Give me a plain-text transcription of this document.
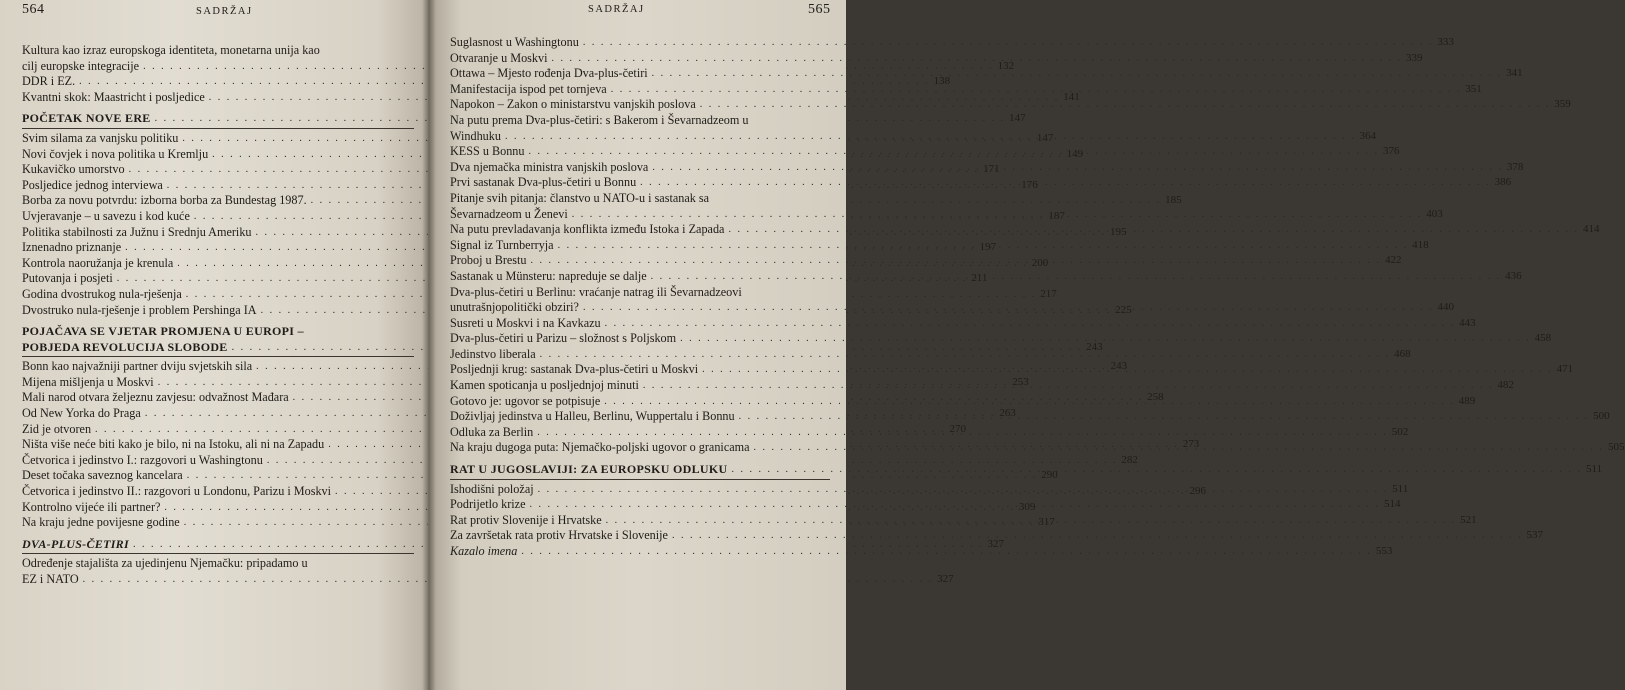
564	SADRŽAJ
Kultura kao izraz europskoga identiteta, monetarna unija kao
cilj europske integracije . . .	132
DDR i EZ. . . .	138
Kvantni skok: Maastricht i posljedice . . .	141
POČETAK NOVE ERE . . .	147
Svim silama za vanjsku politiku . . .	147
Novi čovjek i nova politika u Kremlju . . .	149
Kukavičko umorstvo . . .	171
Posljedice jednog interviewa . . .	176
Borba za novu potvrdu: izborna borba za Bundestag 1987. . . .	185
Uvjeravanje – u savezu i kod kuće . . .	187
Politika stabilnosti za Južnu i Srednju Ameriku . . .	195
Iznenadno priznanje . . .	197
Kontrola naoružanja je krenula . . .	200
Putovanja i posjeti . . .	211
Godina dvostrukog nula-rješenja . . .	217
Dvostruko nula-rješenje i problem Pershinga IA . . .	225
POJAČAVA SE VJETAR PROMJENA U EUROPI –
POBJEDA REVOLUCIJA SLOBODE . . .	243
Bonn kao najvažniji partner dviju svjetskih sila . . .	243
Mijena mišljenja u Moskvi . . .	253
Mali narod otvara željeznu zavjesu: odvažnost Mađara . . .	258
Od New Yorka do Praga . . .	263
Zid je otvoren . . .	270
Ništa više neće biti kako je bilo, ni na Istoku, ali ni na Zapadu . . .	273
Četvorica i jedinstvo I.: razgovori u Washingtonu . . .	282
Deset točaka saveznog kancelara . . .	290
Četvorica i jedinstvo II.: razgovori u Londonu, Parizu i Moskvi . . .	296
Kontrolno vijeće ili partner? . . .	309
Na kraju jedne povijesne godine . . .	317
DVA-PLUS-ČETIRI . . .	327
Određenje stajališta za ujedinjenu Njemačku: pripadamo u
EZ i NATO . . .	327
SADRŽAJ	565
Suglasnost u Washingtonu . . .	333
Otvaranje u Moskvi . . .	339
Ottawa – Mjesto rođenja Dva-plus-četiri . . .	341
Manifestacija ispod pet tornjeva . . .	351
Napokon – Zakon o ministarstvu vanjskih poslova . . .	359
Na putu prema Dva-plus-četiri: s Bakerom i Ševarnadzeom u
Windhuku . . .	364
KESS u Bonnu . . .	376
Dva njemačka ministra vanjskih poslova . . .	378
Prvi sastanak Dva-plus-četiri u Bonnu . . .	386
Pitanje svih pitanja: članstvo u NATO-u i sastanak sa
Ševarnadzeom u Ženevi . . .	403
Na putu prevladavanja konflikta između Istoka i Zapada . . .	414
Signal iz Turnberryja . . .	418
Proboj u Brestu . . .	422
Sastanak u Münsteru: napreduje se dalje . . .	436
Dva-plus-četiri u Berlinu: vraćanje natrag ili Ševarnadzeovi
unutrašnjopolitički obziri? . . .	440
Susreti u Moskvi i na Kavkazu . . .	443
Dva-plus-četiri u Parizu – složnost s Poljskom . . .	458
Jedinstvo liberala . . .	468
Posljednji krug: sastanak Dva-plus-četiri u Moskvi . . .	471
Kamen spoticanja u posljednjoj minuti . . .	482
Gotovo je: ugovor se potpisuje . . .	489
Doživljaj jedinstva u Halleu, Berlinu, Wuppertalu i Bonnu . . .	500
Odluka za Berlin . . .	502
Na kraju dugoga puta: Njemačko-poljski ugovor o granicama . . .	505
RAT U JUGOSLAVIJI: ZA EUROPSKU ODLUKU . . .	511
Ishodišni položaj . . .	511
Podrijetlo krize . . .	514
Rat protiv Slovenije i Hrvatske . . .	521
Za završetak rata protiv Hrvatske i Slovenije . . .	537
Kazalo imena . . .	553
